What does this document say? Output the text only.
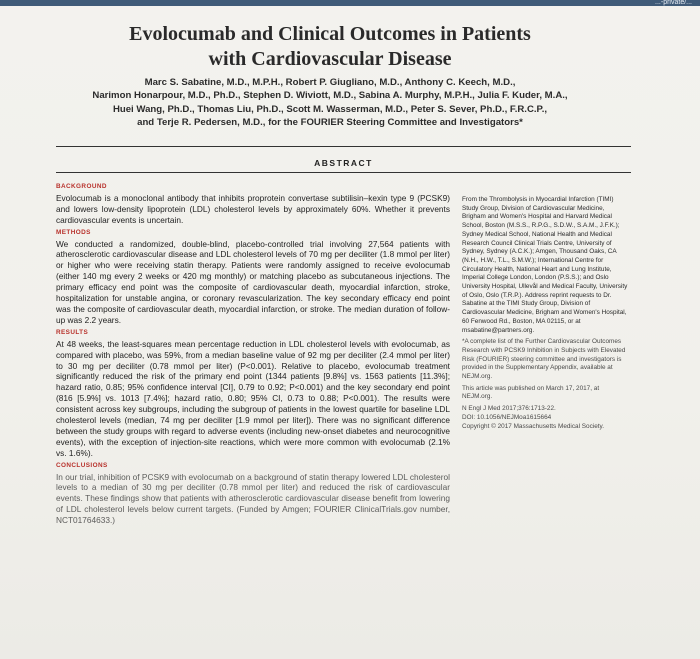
...-private/...
Evolocumab and Clinical Outcomes in Patients
with Cardiovascular Disease
Marc S. Sabatine, M.D., M.P.H., Robert P. Giugliano, M.D., Anthony C. Keech, M.D.,
Narimon Honarpour, M.D., Ph.D., Stephen D. Wiviott, M.D., Sabina A. Murphy, M.P.H., Julia F. Kuder, M.A.,
Huei Wang, Ph.D., Thomas Liu, Ph.D., Scott M. Wasserman, M.D., Peter S. Sever, Ph.D., F.R.C.P.,
and Terje R. Pedersen, M.D., for the FOURIER Steering Committee and Investigators*
ABSTRACT
BACKGROUND

Evolocumab is a monoclonal antibody that inhibits proprotein convertase subtilisin–kexin type 9 (PCSK9) and lowers low-density lipoprotein (LDL) cholesterol levels by approximately 60%. Whether it prevents cardiovascular events is uncertain.

METHODS

We conducted a randomized, double-blind, placebo-controlled trial involving 27,564 patients with atherosclerotic cardiovascular disease and LDL cholesterol levels of 70 mg per deciliter (1.8 mmol per liter) or higher who were receiving statin therapy. Patients were randomly assigned to receive evolocumab (either 140 mg every 2 weeks or 420 mg monthly) or matching placebo as subcutaneous injections. The primary efficacy end point was the composite of cardiovascular death, myocardial infarction, stroke, hospitalization for unstable angina, or coronary revascularization. The key secondary efficacy end point was the composite of cardiovascular death, myocardial infarction, or stroke. The median duration of follow-up was 2.2 years.

RESULTS

At 48 weeks, the least-squares mean percentage reduction in LDL cholesterol levels with evolocumab, as compared with placebo, was 59%, from a median baseline value of 92 mg per deciliter (2.4 mmol per liter) to 30 mg per deciliter (0.78 mmol per liter) (P<0.001). Relative to placebo, evolocumab treatment significantly reduced the risk of the primary end point (1344 patients [9.8%] vs. 1563 patients [11.3%]; hazard ratio, 0.85; 95% confidence interval [CI], 0.79 to 0.92; P<0.001) and the key secondary end point (816 [5.9%] vs. 1013 [7.4%]; hazard ratio, 0.80; 95% CI, 0.73 to 0.88; P<0.001). The results were consistent across key subgroups, including the subgroup of patients in the lowest quartile for baseline LDL cholesterol levels (median, 74 mg per deciliter [1.9 mmol per liter]). There was no significant difference between the study groups with regard to adverse events (including new-onset diabetes and neurocognitive events), with the exception of injection-site reactions, which were more common with evolocumab (2.1% vs. 1.6%).

CONCLUSIONS

In our trial, inhibition of PCSK9 with evolocumab on a background of statin therapy lowered LDL cholesterol levels to a median of 30 mg per deciliter (0.78 mmol per liter) and reduced the risk of cardiovascular events. These findings show that patients with atherosclerotic cardiovascular disease benefit from lowering of LDL cholesterol levels below current targets. (Funded by Amgen; FOURIER ClinicalTrials.gov number, NCT01764633.)

From the Thrombolysis in Myocardial Infarction (TIMI) Study Group, Division of Cardiovascular Medicine, Brigham and Women's Hospital and Harvard Medical School, Boston (M.S.S., R.P.G., S.D.W., S.A.M., J.F.K.); Sydney Medical School, National Health and Medical Research Council Clinical Trials Centre, University of Sydney, Sydney (A.C.K.); Amgen, Thousand Oaks, CA (N.H., H.W., T.L., S.M.W.); International Centre for Circulatory Health, National Heart and Lung Institute, Imperial College London, London (P.S.S.); and Oslo University Hospital, Ullevål and Medical Faculty, University of Oslo, Oslo (T.R.P.). Address reprint requests to Dr. Sabatine at the TIMI Study Group, Division of Cardiovascular Medicine, Brigham and Women's Hospital, 60 Fenwood Rd., Boston, MA 02115, or at msabatine@partners.org.

*A complete list of the Further Cardiovascular Outcomes Research with PCSK9 Inhibition in Subjects with Elevated Risk (FOURIER) steering committee and investigators is provided in the Supplementary Appendix, available at NEJM.org.

This article was published on March 17, 2017, at NEJM.org.

N Engl J Med 2017;376:1713-22.
DOI: 10.1056/NEJMoa1615664
Copyright © 2017 Massachusetts Medical Society.
